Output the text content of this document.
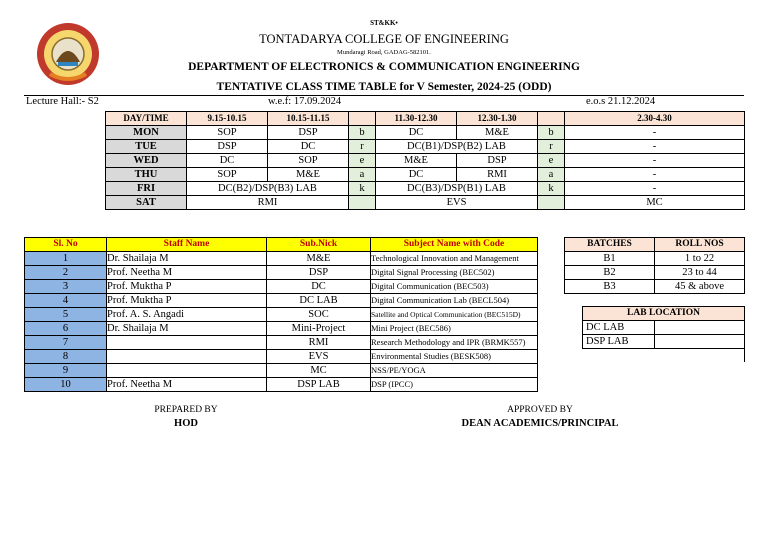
ST&KK•
TONTADARYA COLLEGE OF ENGINEERING
Mundaragi Road, GADAG-582101.
DEPARTMENT OF ELECTRONICS & COMMUNICATION ENGINEERING
TENTATIVE CLASS TIME TABLE for V Semester, 2024-25 (ODD)
Lecture Hall:- S2	w.e.f: 17.09.2024	e.o.s 21.12.2024
DAY/TIME	9.15-10.15	10.15-11.15		11.30-12.30	12.30-1.30		2.30-4.30
MON	SOP	DSP	b	DC	M&E	b	-
TUE	DSP	DC	r	DC(B1)/DSP(B2) LAB		r	-
WED	DC	SOP	e	M&E	DSP	e	-
THU	SOP	M&E	a	DC	RMI	a	-
FRI	DC(B2)/DSP(B3) LAB		k	DC(B3)/DSP(B1) LAB		k	-
SAT	RMI			EVS			MC
Sl. No	Staff Name	Sub.Nick	Subject Name with Code
1	Dr. Shailaja M	M&E	Technological Innovation and Management
2	Prof. Neetha M	DSP	Digital Signal Processing (BEC502)
3	Prof. Muktha P	DC	Digital Communication (BEC503)
4	Prof. Muktha P	DC LAB	Digital Communication Lab (BECL504)
5	Prof. A. S. Angadi	SOC	Satellite and Optical Communication (BEC515D)
6	Dr. Shailaja M	Mini-Project	Mini Project (BEC586)
7		RMI	Research Methodology and IPR (BRMK557)
8		EVS	Environmental Studies (BESK508)
9		MC	NSS/PE/YOGA
10	Prof. Neetha M	DSP LAB	DSP (IPCC)
BATCHES	ROLL NOS
B1	1 to 22
B2	23 to 44
B3	45 & above
LAB LOCATION	
DC LAB	
DSP LAB	

PREPARED BY
HOD
APPROVED BY
DEAN ACADEMICS/PRINCIPAL
